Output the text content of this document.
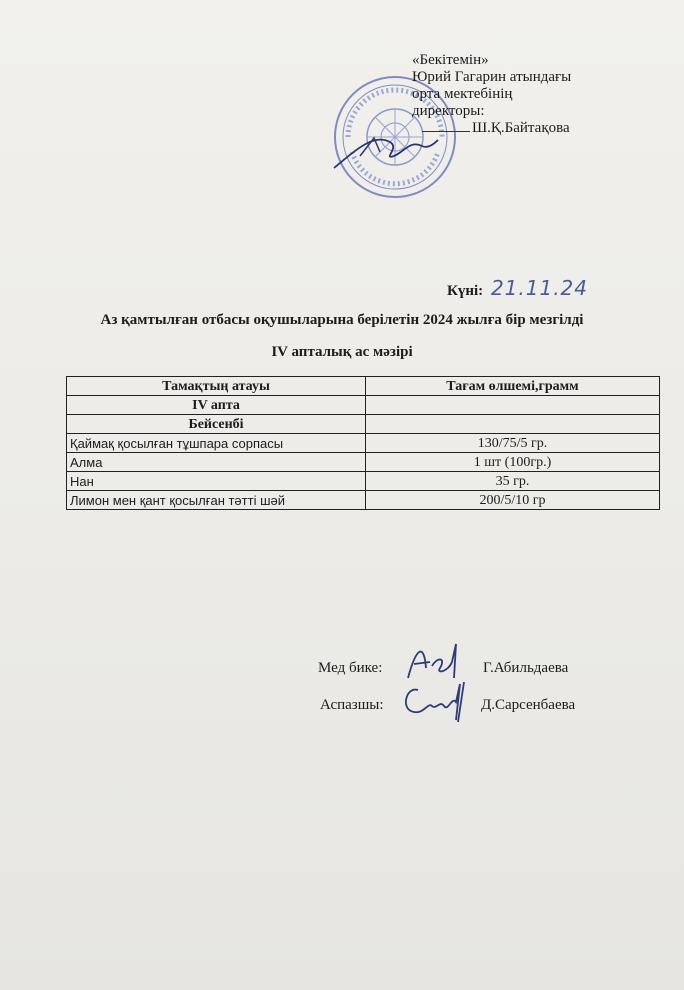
«Бекітемін»
Юрий Гагарин атындағы
орта мектебінің
директоры:
Ш.Қ.Байтақова
Күні: 21.11.24
Аз қамтылған отбасы оқушыларына берілетін 2024 жылға бір мезгілді
IV апталық ас мәзірі
Тамақтың атауы	Тағам өлшемі,грамм
IV апта	
Бейсенбі	
Қаймақ қосылған тұшпара сорпасы	130/75/5 гр.
Алма	1 шт (100гр.)
Нан	35 гр.
Лимон мен қант қосылған тәтті шәй	200/5/10 гр
Мед бике:	Г.Абильдаева
Аспазшы:	Д.Сарсенбаева
